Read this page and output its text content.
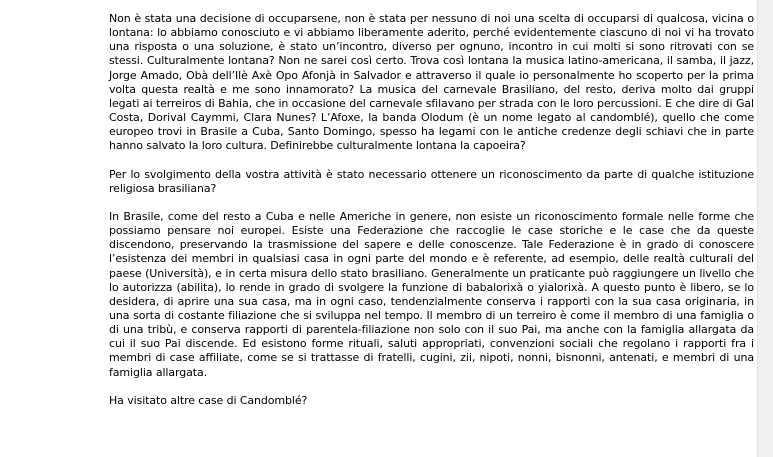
Non è stata una decisione di occuparsene, non è stata per nessuno di noi una scelta di occuparsi di qualcosa, vicina o lontana: lo abbiamo conosciuto e vi abbiamo liberamente aderito, perché evidentemente ciascuno di noi vi ha trovato una risposta o una soluzione, è stato un’incontro, diverso per ognuno, incontro in cui molti si sono ritrovati con se stessi. Culturalmente lontana? Non ne sarei così certo. Trova così lontana la musica latino-americana, il samba, il jazz, Jorge Amado, Obà dell’Ilè Axè Opo Afonjà in Salvador e attraverso il quale io personalmente ho scoperto per la prima volta questa realtà e me sono innamorato? La musica del carnevale Brasiliano, del resto, deriva molto dai gruppi legati ai terreiros di Bahia, che in occasione del carnevale sfilavano per strada con le loro percussioni. E che dire di Gal Costa, Dorival Caymmi, Clara Nunes? L’Afoxe, la banda Olodum (è un nome legato al candomblé), quello che come europeo trovi in Brasile a Cuba, Santo Domingo, spesso ha legami con le antiche credenze degli schiavi che in parte hanno salvato la loro cultura. Definirebbe culturalmente lontana la capoeira?

Per lo svolgimento della vostra attività è stato necessario ottenere un riconoscimento da parte di qualche istituzione religiosa brasiliana?

In Brasile, come del resto a Cuba e nelle Americhe in genere, non esiste un riconoscimento formale nelle forme che possiamo pensare noi europei. Esiste una Federazione che raccoglie le case storiche e le case che da queste discendono, preservando la trasmissione del sapere e delle conoscenze. Tale Federazione è in grado di conoscere l’esistenza dei membri in qualsiasi casa in ogni parte del mondo e è referente, ad esempio, delle realtà culturali del paese (Università), e in certa misura dello stato brasiliano. Generalmente un praticante può raggiungere un livello che lo autorizza (abilita), lo rende in grado di svolgere la funzione di babalorixà o yialorixà. A questo punto è libero, se lo desidera, di aprire una sua casa, ma in ogni caso, tendenzialmente conserva i rapporti con la sua casa originaria, in una sorta di costante filiazione che si sviluppa nel tempo. Il membro di un terreiro è come il membro di una famiglia o di una tribù, e conserva rapporti di parentela-filiazione non solo con il suo Pai, ma anche con la famiglia allargata da cui il suo Pai discende. Ed esistono forme rituali, saluti appropriati, convenzioni sociali che regolano i rapporti fra i membri di case affiliate, come se si trattasse di fratelli, cugini, zii, nipoti, nonni, bisnonni, antenati, e membri di una famiglia allargata.

Ha visitato altre case di Candomblé?
